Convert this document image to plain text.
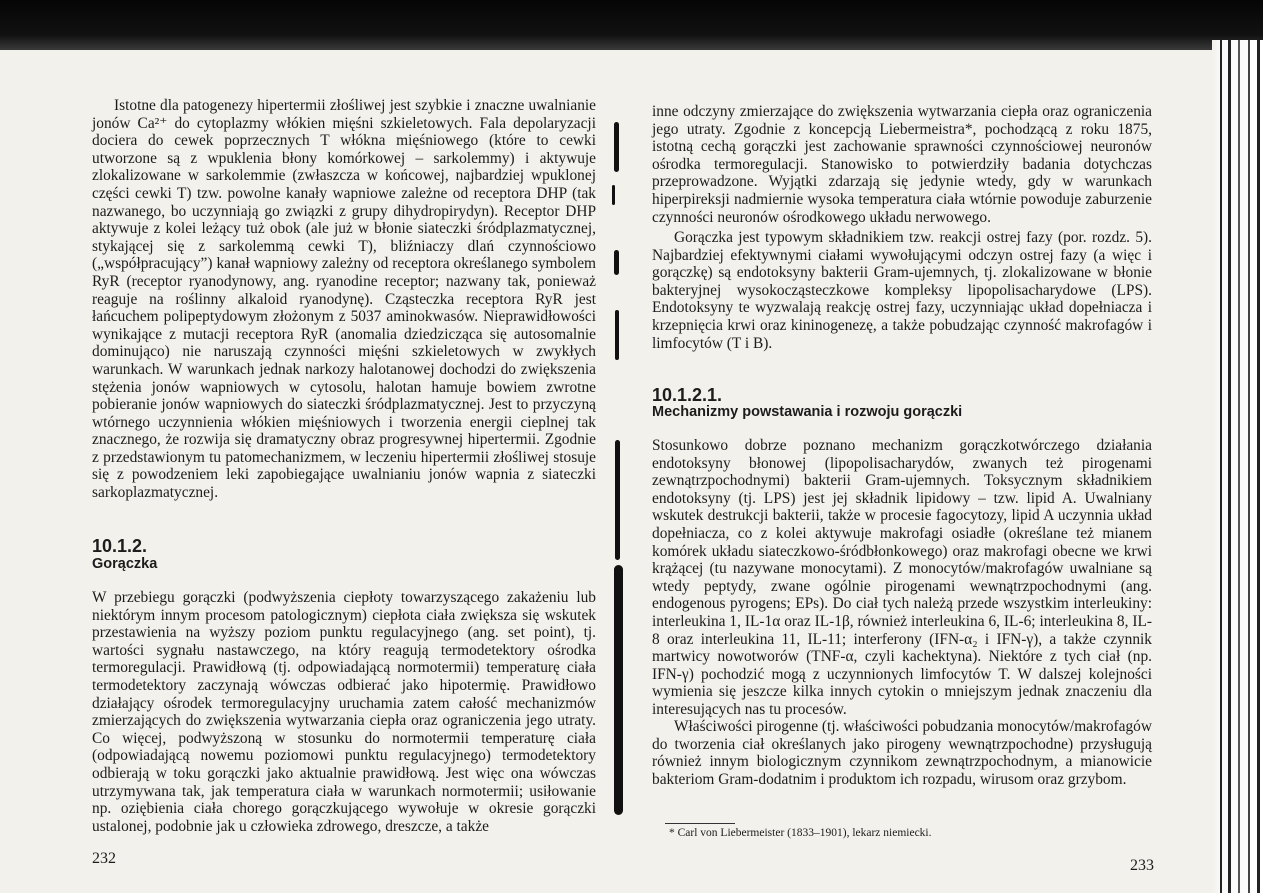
Istotne dla patogenezy hipertermii złośliwej jest szybkie i znaczne uwalnianie jonów Ca²⁺ do cytoplazmy włókien mięśni szkieletowych. Fala depolaryzacji dociera do cewek poprzecznych T włókna mięśniowego (które to cewki utworzone są z wpuklenia błony komórkowej – sarkolemmy) i aktywuje zlokalizowane w sarkolemmie (zwłaszcza w końcowej, najbardziej wpuklonej części cewki T) tzw. powolne kanały wapniowe zależne od receptora DHP (tak nazwanego, bo uczynniają go związki z grupy dihydropirydyn). Receptor DHP aktywuje z kolei leżący tuż obok (ale już w błonie siateczki śródplazmatycznej, stykającej się z sarkolemmą cewki T), bliźniaczy dlań czynnościowo („współpracujący”) kanał wapniowy zależny od receptora określanego symbolem RyR (receptor ryanodynowy, ang. ryanodine receptor; nazwany tak, ponieważ reaguje na roślinny alkaloid ryanodynę). Cząsteczka receptora RyR jest łańcuchem polipeptydowym złożonym z 5037 aminokwasów. Nieprawidłowości wynikające z mutacji receptora RyR (anomalia dziedzicząca się autosomalnie dominująco) nie naruszają czynności mięśni szkieletowych w zwykłych warunkach. W warunkach jednak narkozy halotanowej dochodzi do zwiększenia stężenia jonów wapniowych w cytosolu, halotan hamuje bowiem zwrotne pobieranie jonów wapniowych do siateczki śródplazmatycznej. Jest to przyczyną wtórnego uczynnienia włókien mięśniowych i tworzenia energii cieplnej tak znacznego, że rozwija się dramatyczny obraz progresywnej hipertermii. Zgodnie z przedstawionym tu patomechanizmem, w leczeniu hipertermii złośliwej stosuje się z powodzeniem leki zapobiegające uwalnianiu jonów wapnia z siateczki sarkoplazmatycznej.

10.1.2.
Gorączka

W przebiegu gorączki (podwyższenia ciepłoty towarzyszącego zakażeniu lub niektórym innym procesom patologicznym) ciepłota ciała zwiększa się wskutek przestawienia na wyższy poziom punktu regulacyjnego (ang. set point), tj. wartości sygnału nastawczego, na który reagują termodetektory ośrodka termoregulacji. Prawidłową (tj. odpowiadającą normotermii) temperaturę ciała termodetektory zaczynają wówczas odbierać jako hipotermię. Prawidłowo działający ośrodek termoregulacyjny uruchamia zatem całość mechanizmów zmierzających do zwiększenia wytwarzania ciepła oraz ograniczenia jego utraty. Co więcej, podwyższoną w stosunku do normotermii temperaturę ciała (odpowiadającą nowemu poziomowi punktu regulacyjnego) termodetektory odbierają w toku gorączki jako aktualnie prawidłową. Jest więc ona wówczas utrzymywana tak, jak temperatura ciała w warunkach normotermii; usiłowanie np. oziębienia ciała chorego gorączkującego wywołuje w okresie gorączki ustalonej, podobnie jak u człowieka zdrowego, dreszcze, a także

232

inne odczyny zmierzające do zwiększenia wytwarzania ciepła oraz ograniczenia jego utraty. Zgodnie z koncepcją Liebermeistra*, pochodzącą z roku 1875, istotną cechą gorączki jest zachowanie sprawności czynnościowej neuronów ośrodka termoregulacji. Stanowisko to potwierdziły badania dotychczas przeprowadzone. Wyjątki zdarzają się jedynie wtedy, gdy w warunkach hiperpireksji nadmiernie wysoka temperatura ciała wtórnie powoduje zaburzenie czynności neuronów ośrodkowego układu nerwowego.

Gorączka jest typowym składnikiem tzw. reakcji ostrej fazy (por. rozdz. 5). Najbardziej efektywnymi ciałami wywołującymi odczyn ostrej fazy (a więc i gorączkę) są endotoksyny bakterii Gram-ujemnych, tj. zlokalizowane w błonie bakteryjnej wysokocząsteczkowe kompleksy lipopolisacharydowe (LPS). Endotoksyny te wyzwalają reakcję ostrej fazy, uczynniając układ dopełniacza i krzepnięcia krwi oraz kininogenezę, a także pobudzając czynność makrofagów i limfocytów (T i B).

10.1.2.1.
Mechanizmy powstawania i rozwoju gorączki

Stosunkowo dobrze poznano mechanizm gorączkotwórczego działania endotoksyny błonowej (lipopolisacharydów, zwanych też pirogenami zewnątrzpochodnymi) bakterii Gram-ujemnych. Toksycznym składnikiem endotoksyny (tj. LPS) jest jej składnik lipidowy – tzw. lipid A. Uwalniany wskutek destrukcji bakterii, także w procesie fagocytozy, lipid A uczynnia układ dopełniacza, co z kolei aktywuje makrofagi osiadłe (określane też mianem komórek układu siateczkowo-śródbłonkowego) oraz makrofagi obecne we krwi krążącej (tu nazywane monocytami). Z monocytów/makrofagów uwalniane są wtedy peptydy, zwane ogólnie pirogenami wewnątrzpochodnymi (ang. endogenous pyrogens; EPs). Do ciał tych należą przede wszystkim interleukiny: interleukina 1, IL-1α oraz IL-1β, również interleukina 6, IL-6; interleukina 8, IL-8 oraz interleukina 11, IL-11; interferony (IFN-α₂ i IFN-γ), a także czynnik martwicy nowotworów (TNF-α, czyli kachektyna). Niektóre z tych ciał (np. IFN-γ) pochodzić mogą z uczynnionych limfocytów T. W dalszej kolejności wymienia się jeszcze kilka innych cytokin o mniejszym jednak znaczeniu dla interesujących nas tu procesów.

Właściwości pirogenne (tj. właściwości pobudzania monocytów/makrofagów do tworzenia ciał określanych jako pirogeny wewnątrzpochodne) przysługują również innym biologicznym czynnikom zewnątrzpochodnym, a mianowicie bakteriom Gram-dodatnim i produktom ich rozpadu, wirusom oraz grzybom.

* Carl von Liebermeister (1833–1901), lekarz niemiecki.
233
